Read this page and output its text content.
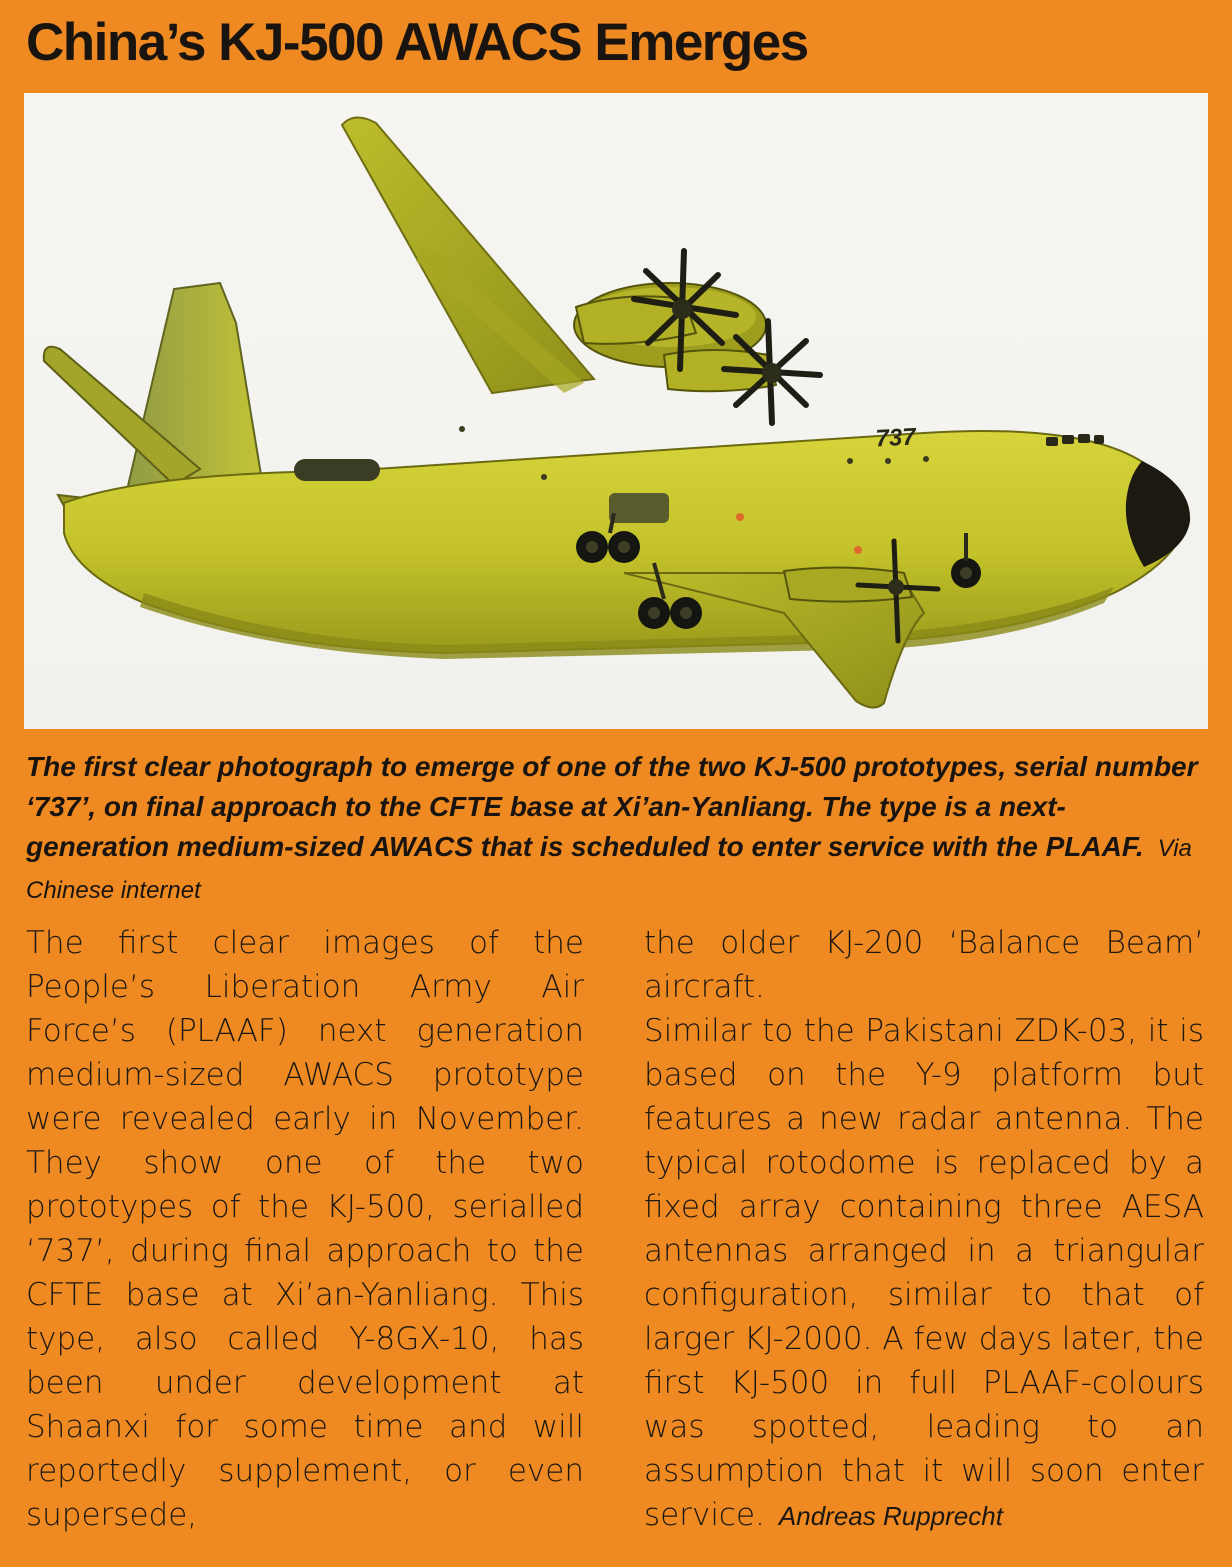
China’s KJ-500 AWACS Emerges
737

The first clear photograph to emerge of one of the two KJ-500 prototypes, serial number ‘737’, on final approach to the CFTE base at Xi’an-Yanliang. The type is a next-generation medium-sized AWACS that is scheduled to enter service with the PLAAF. Via Chinese internet

The first clear images of the People’s Liberation Army Air Force’s (PLAAF) next generation medium-sized AWACS prototype were revealed early in November. They show one of the two prototypes of the KJ-500, serialled ‘737’, during final approach to the CFTE base at Xi’an-Yanliang. This type, also called Y-8GX-10, has been under development at Shaanxi for some time and will reportedly supplement, or even supersede,

the older KJ-200 ‘Balance Beam’ aircraft.

Similar to the Pakistani ZDK-03, it is based on the Y-9 platform but features a new radar antenna. The typical rotodome is replaced by a fixed array containing three AESA antennas arranged in a triangular configuration, similar to that of larger KJ-2000. A few days later, the first KJ-500 in full PLAAF-colours was spotted, leading to an assumption that it will soon enter service. Andreas Rupprecht
